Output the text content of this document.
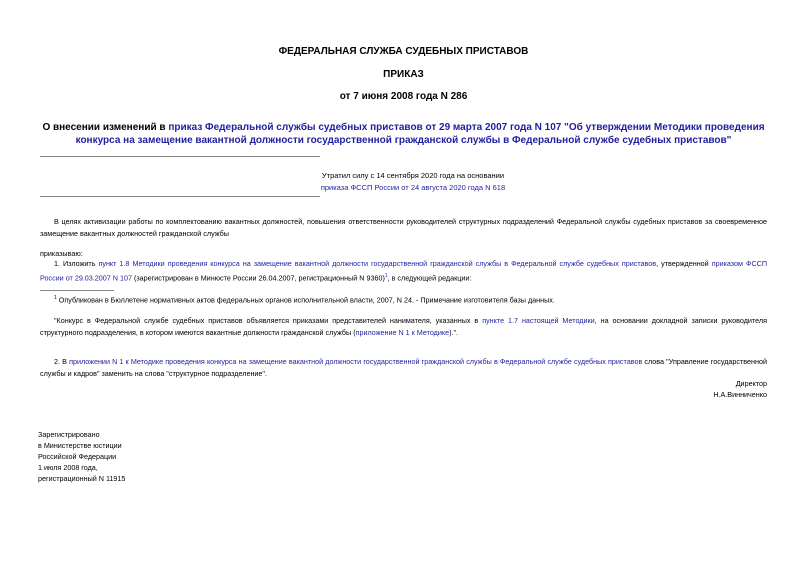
ФЕДЕРАЛЬНАЯ СЛУЖБА СУДЕБНЫХ ПРИСТАВОВ
ПРИКАЗ
от 7 июня 2008 года N 286
О внесении изменений в приказ Федеральной службы судебных приставов от 29 марта 2007 года N 107 "Об утверждении Методики проведения конкурса на замещение вакантной должности государственной гражданской службы в Федеральной службе судебных приставов"
Утратил силу с 14 сентября 2020 года на основании
приказа ФССП России от 24 августа 2020 года N 618
В целях активизации работы по комплектованию вакантных должностей, повышения ответственности руководителей структурных подразделений Федеральной службы судебных приставов за своевременное замещение вакантных должностей гражданской службы
приказываю:
1. Изложить пункт 1.8 Методики проведения конкурса на замещение вакантной должности государственной гражданской службы в Федеральной службе судебных приставов, утвержденной приказом ФССП России от 29.03.2007 N 107 (зарегистрирован в Минюсте России 26.04.2007, регистрационный N 9360)$^1$, в следующей редакции:
$^1$ Опубликован в Бюллетене нормативных актов федеральных органов исполнительной власти, 2007, N 24. - Примечание изготовителя базы данных.
"Конкурс в Федеральной службе судебных приставов объявляется приказами представителей нанимателя, указанных в пункте 1.7 настоящей Методики, на основании докладной записки руководителя структурного подразделения, в котором имеются вакантные должности гражданской службы (приложение N 1 к Методике).".
2. В приложении N 1 к Методике проведения конкурса на замещение вакантной должности государственной гражданской службы в Федеральной службе судебных приставов слова "Управление государственной службы и кадров" заменить на слова "структурное подразделение".
Директор
Н.А.Винниченко
Зарегистрировано
в Министерстве юстиции
Российской Федерации
1 июля 2008 года,
регистрационный N 11915
